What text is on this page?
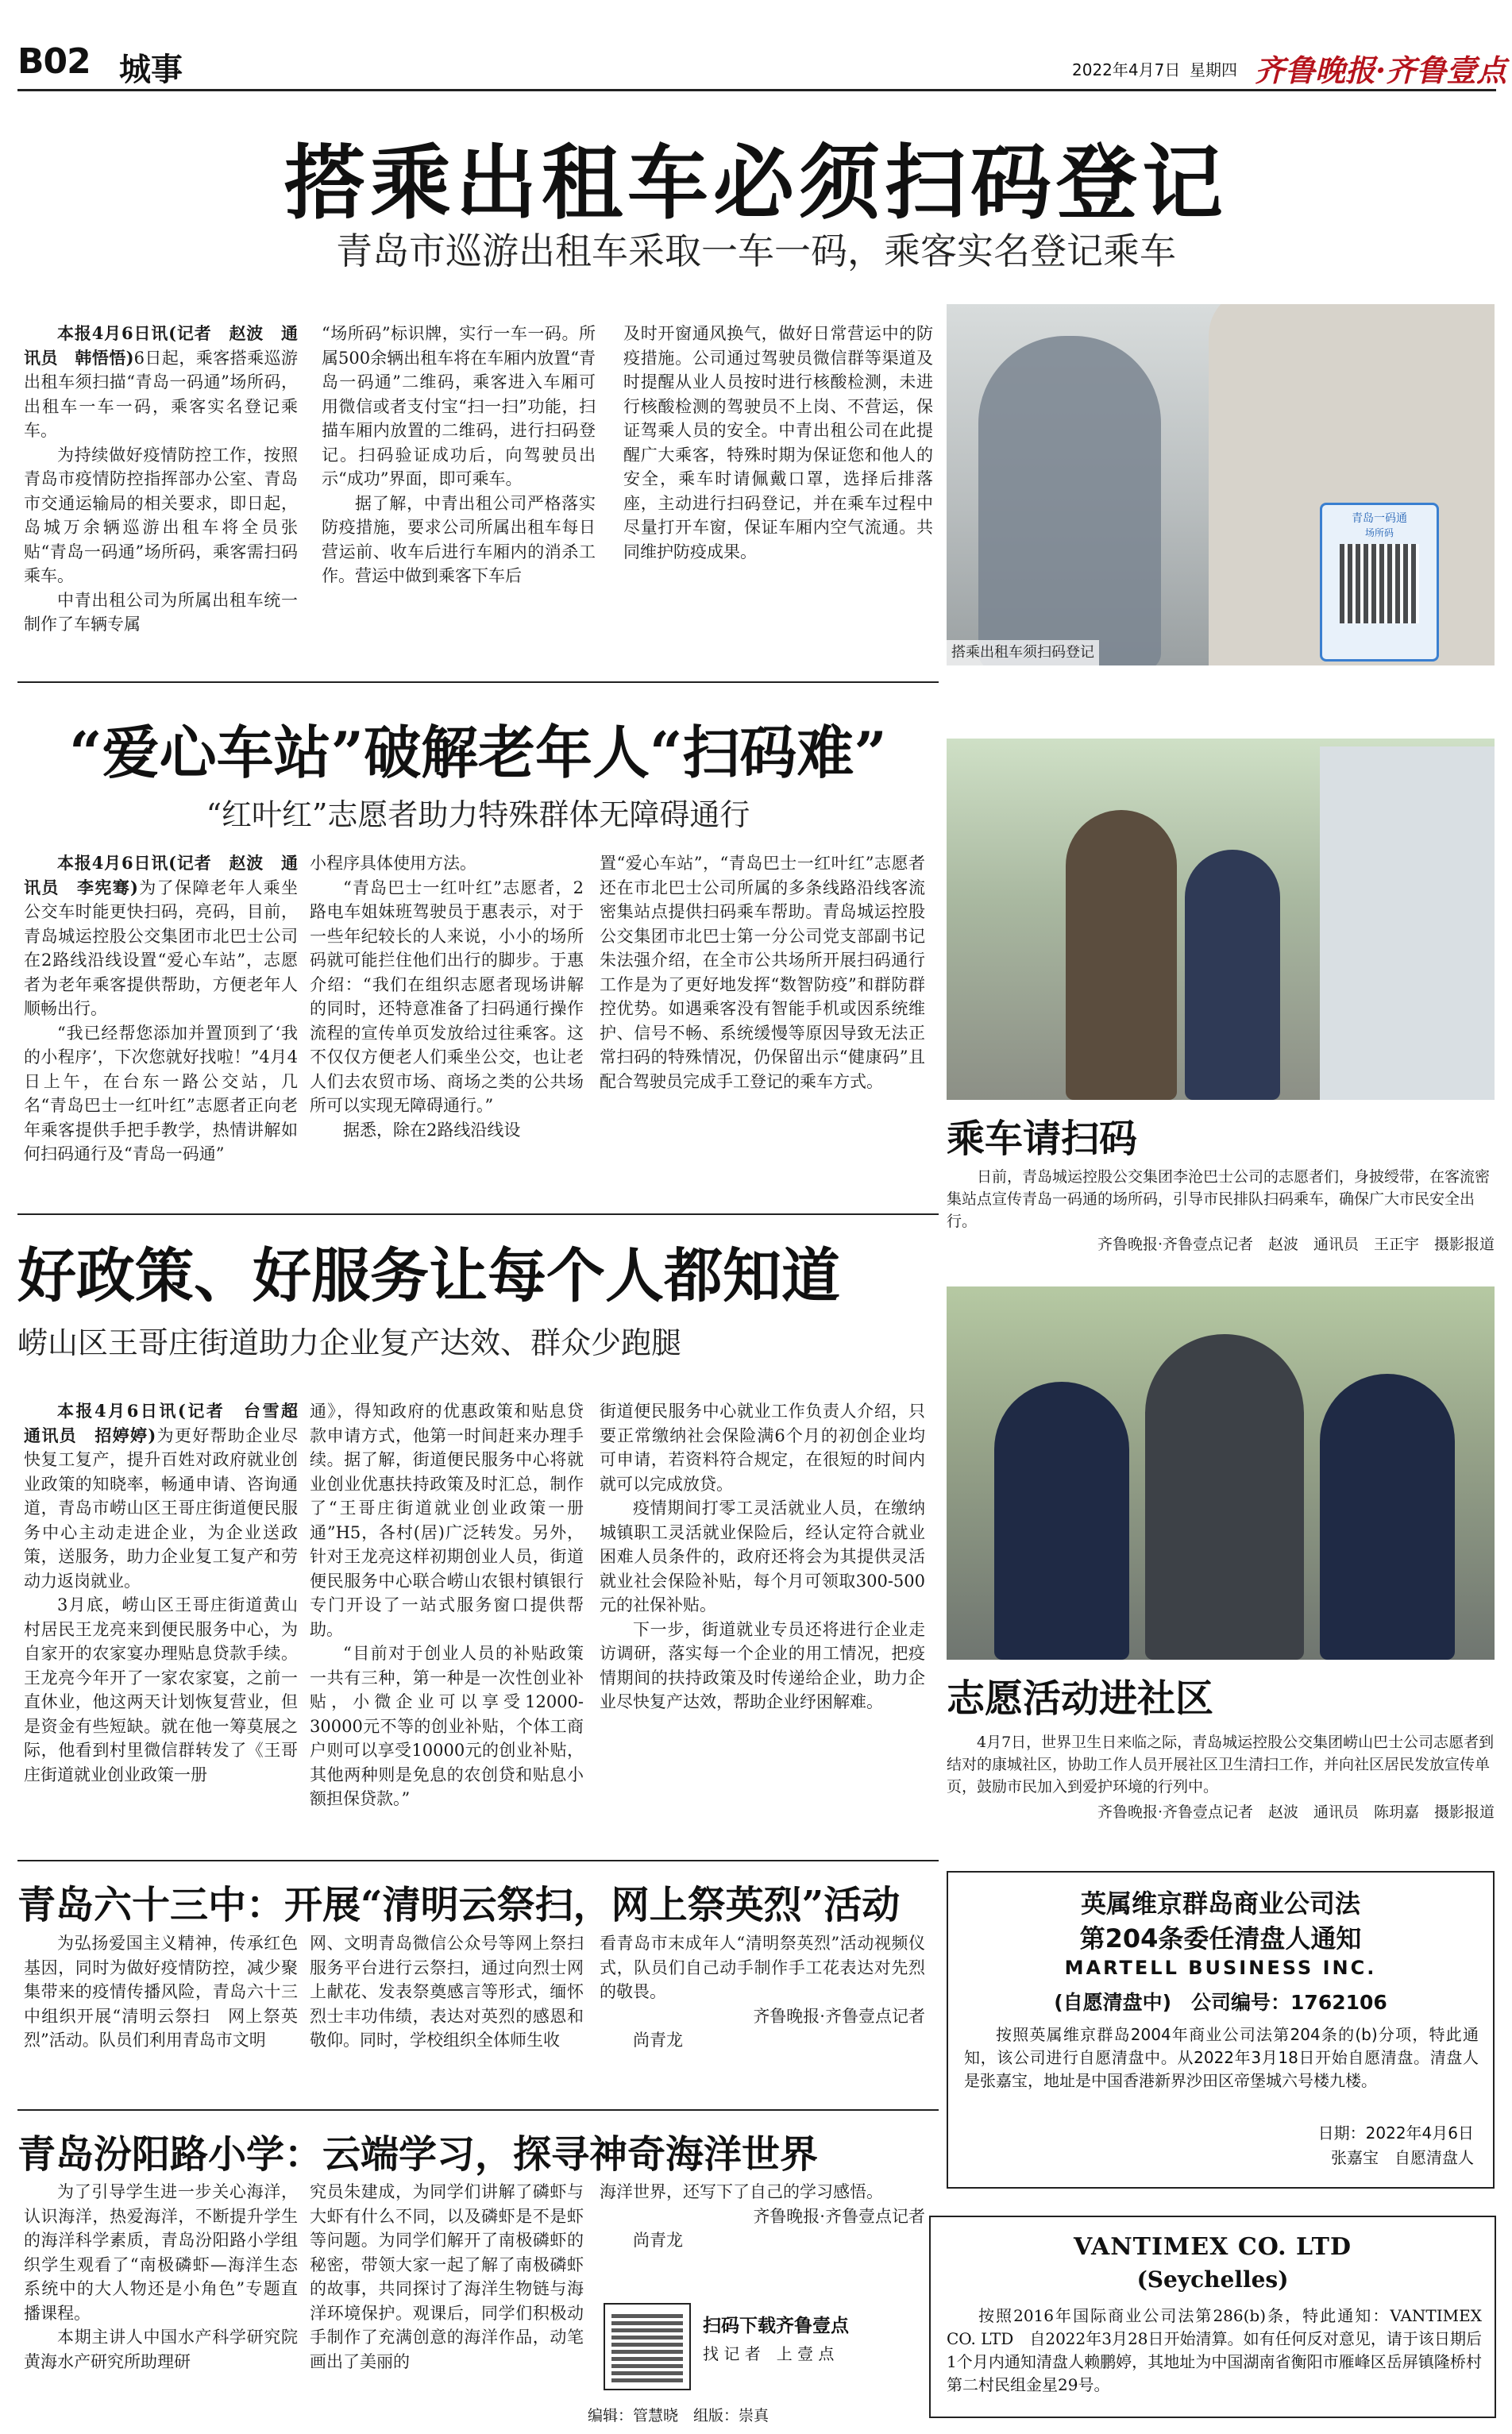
B02 城事	2022年4月7日 星期四 齐鲁晚报·齐鲁壹点
搭乘出租车必须扫码登记
青岛市巡游出租车采取一车一码，乘客实名登记乘车

本报4月6日讯(记者　赵波　通讯员　韩悟悟)6日起，乘客搭乘巡游出租车须扫描“青岛一码通”场所码，出租车一车一码，乘客实名登记乘车。

为持续做好疫情防控工作，按照青岛市疫情防控指挥部办公室、青岛市交通运输局的相关要求，即日起，岛城万余辆巡游出租车将全员张贴“青岛一码通”场所码，乘客需扫码乘车。

中青出租公司为所属出租车统一制作了车辆专属

“场所码”标识牌，实行一车一码。所属500余辆出租车将在车厢内放置“青岛一码通”二维码，乘客进入车厢可用微信或者支付宝“扫一扫”功能，扫描车厢内放置的二维码，进行扫码登记。扫码验证成功后，向驾驶员出示“成功”界面，即可乘车。

据了解，中青出租公司严格落实防疫措施，要求公司所属出租车每日营运前、收车后进行车厢内的消杀工作。营运中做到乘客下车后

及时开窗通风换气，做好日常营运中的防疫措施。公司通过驾驶员微信群等渠道及时提醒从业人员按时进行核酸检测，未进行核酸检测的驾驶员不上岗、不营运，保证驾乘人员的安全。中青出租公司在此提醒广大乘客，特殊时期为保证您和他人的安全，乘车时请佩戴口罩，选择后排落座，主动进行扫码登记，并在乘车过程中尽量打开车窗，保证车厢内空气流通。共同维护防疫成果。

青岛一码通
场所码
搭乘出租车须扫码登记
“爱心车站”破解老年人“扫码难”
“红叶红”志愿者助力特殊群体无障碍通行

本报4月6日讯(记者　赵波　通讯员　李宪骞)为了保障老年人乘坐公交车时能更快扫码，亮码，目前，青岛城运控股公交集团市北巴士公司在2路线沿线设置“爱心车站”，志愿者为老年乘客提供帮助，方便老年人顺畅出行。

“我已经帮您添加并置顶到了‘我的小程序’，下次您就好找啦！”4月4日上午，在台东一路公交站，几名“青岛巴士一红叶红”志愿者正向老年乘客提供手把手教学，热情讲解如何扫码通行及“青岛一码通”

小程序具体使用方法。

“青岛巴士一红叶红”志愿者，2路电车姐妹班驾驶员于惠表示，对于一些年纪较长的人来说，小小的场所码就可能拦住他们出行的脚步。于惠介绍：“我们在组织志愿者现场讲解的同时，还特意准备了扫码通行操作流程的宣传单页发放给过往乘客。这不仅仅方便老人们乘坐公交，也让老人们去农贸市场、商场之类的公共场所可以实现无障碍通行。”

据悉，除在2路线沿线设

置“爱心车站”，“青岛巴士一红叶红”志愿者还在市北巴士公司所属的多条线路沿线客流密集站点提供扫码乘车帮助。青岛城运控股公交集团市北巴士第一分公司党支部副书记朱法强介绍，在全市公共场所开展扫码通行工作是为了更好地发挥“数智防疫”和群防群控优势。如遇乘客没有智能手机或因系统维护、信号不畅、系统缓慢等原因导致无法正常扫码的特殊情况，仍保留出示“健康码”且配合驾驶员完成手工登记的乘车方式。

乘车请扫码
日前，青岛城运控股公交集团李沧巴士公司的志愿者们，身披绶带，在客流密集站点宣传青岛一码通的场所码，引导市民排队扫码乘车，确保广大市民安全出行。
齐鲁晚报·齐鲁壹点记者　赵波　通讯员　王正宇　摄影报道
好政策、好服务让每个人都知道
崂山区王哥庄街道助力企业复产达效、群众少跑腿

本报4月6日讯(记者　台雪超　通讯员　招婷婷)为更好帮助企业尽快复工复产，提升百姓对政府就业创业政策的知晓率，畅通申请、咨询通道，青岛市崂山区王哥庄街道便民服务中心主动走进企业，为企业送政策，送服务，助力企业复工复产和劳动力返岗就业。

3月底，崂山区王哥庄街道黄山村居民王龙亮来到便民服务中心，为自家开的农家宴办理贴息贷款手续。王龙亮今年开了一家农家宴，之前一直休业，他这两天计划恢复营业，但是资金有些短缺。就在他一筹莫展之际，他看到村里微信群转发了《王哥庄街道就业创业政策一册

通》，得知政府的优惠政策和贴息贷款申请方式，他第一时间赶来办理手续。据了解，街道便民服务中心将就业创业优惠扶持政策及时汇总，制作了“王哥庄街道就业创业政策一册通”H5，各村(居)广泛转发。另外，针对王龙亮这样初期创业人员，街道便民服务中心联合崂山农银村镇银行专门开设了一站式服务窗口提供帮助。

“目前对于创业人员的补贴政策一共有三种，第一种是一次性创业补贴，小微企业可以享受12000-30000元不等的创业补贴，个体工商户则可以享受10000元的创业补贴，其他两种则是免息的农创贷和贴息小额担保贷款。”

街道便民服务中心就业工作负责人介绍，只要正常缴纳社会保险满6个月的初创企业均可申请，若资料符合规定，在很短的时间内就可以完成放贷。

疫情期间打零工灵活就业人员，在缴纳城镇职工灵活就业保险后，经认定符合就业困难人员条件的，政府还将会为其提供灵活就业社会保险补贴，每个月可领取300-500元的社保补贴。

下一步，街道就业专员还将进行企业走访调研，落实每一个企业的用工情况，把疫情期间的扶持政策及时传递给企业，助力企业尽快复产达效，帮助企业纾困解难。	志愿活动进社区
4月7日，世界卫生日来临之际，青岛城运控股公交集团崂山巴士公司志愿者到结对的康城社区，协助工作人员开展社区卫生清扫工作，并向社区居民发放宣传单页，鼓励市民加入到爱护环境的行列中。
齐鲁晚报·齐鲁壹点记者　赵波　通讯员　陈玥嘉　摄影报道
青岛六十三中：开展“清明云祭扫，网上祭英烈”活动

为弘扬爱国主义精神，传承红色基因，同时为做好疫情防控，减少聚集带来的疫情传播风险，青岛六十三中组织开展“清明云祭扫　网上祭英烈”活动。队员们利用青岛市文明

网、文明青岛微信公众号等网上祭扫服务平台进行云祭扫，通过向烈士网上献花、发表祭奠感言等形式，缅怀烈士丰功伟绩，表达对英烈的感恩和敬仰。同时，学校组织全体师生收

看青岛市末成年人“清明祭英烈”活动视频仪式，队员们自己动手制作手工花表达对先烈的敬畏。

齐鲁晚报·齐鲁壹点记者

尚青龙

青岛汾阳路小学：云端学习，探寻神奇海洋世界

为了引导学生进一步关心海洋，认识海洋，热爱海洋，不断提升学生的海洋科学素质，青岛汾阳路小学组织学生观看了“南极磷虾—海洋生态系统中的大人物还是小角色”专题直播课程。

本期主讲人中国水产科学研究院黄海水产研究所助理研

究员朱建成，为同学们讲解了磷虾与大虾有什么不同，以及磷虾是不是虾等问题。为同学们解开了南极磷虾的秘密，带领大家一起了解了南极磷虾的故事，共同探讨了海洋生物链与海洋环境保护。观课后，同学们积极动手制作了充满创意的海洋作品，动笔画出了美丽的

海洋世界，还写下了自己的学习感悟。

齐鲁晚报·齐鲁壹点记者

尚青龙

扫码下载齐鲁壹点
找 记 者　上 壹 点
编辑：管慧晓　组版：崇真
英属维京群岛商业公司法
第204条委任清盘人通知
MARTELL BUSINESS INC.
(自愿清盘中)　公司编号：1762106
按照英属维京群岛2004年商业公司法第204条的(b)分项，特此通知，该公司进行自愿清盘中。从2022年3月18日开始自愿清盘。清盘人是张嘉宝，地址是中国香港新界沙田区帝堡城六号楼九楼。
日期：2022年4月6日
张嘉宝　自愿清盘人
VANTIMEX CO. LTD
(Seychelles)
按照2016年国际商业公司法第286(b)条，特此通知：VANTIMEX CO. LTD　自2022年3月28日开始清算。如有任何反对意见，请于该日期后1个月内通知清盘人赖鹏婷，其地址为中国湖南省衡阳市雁峰区岳屏镇隆桥村第二村民组金星29号。
